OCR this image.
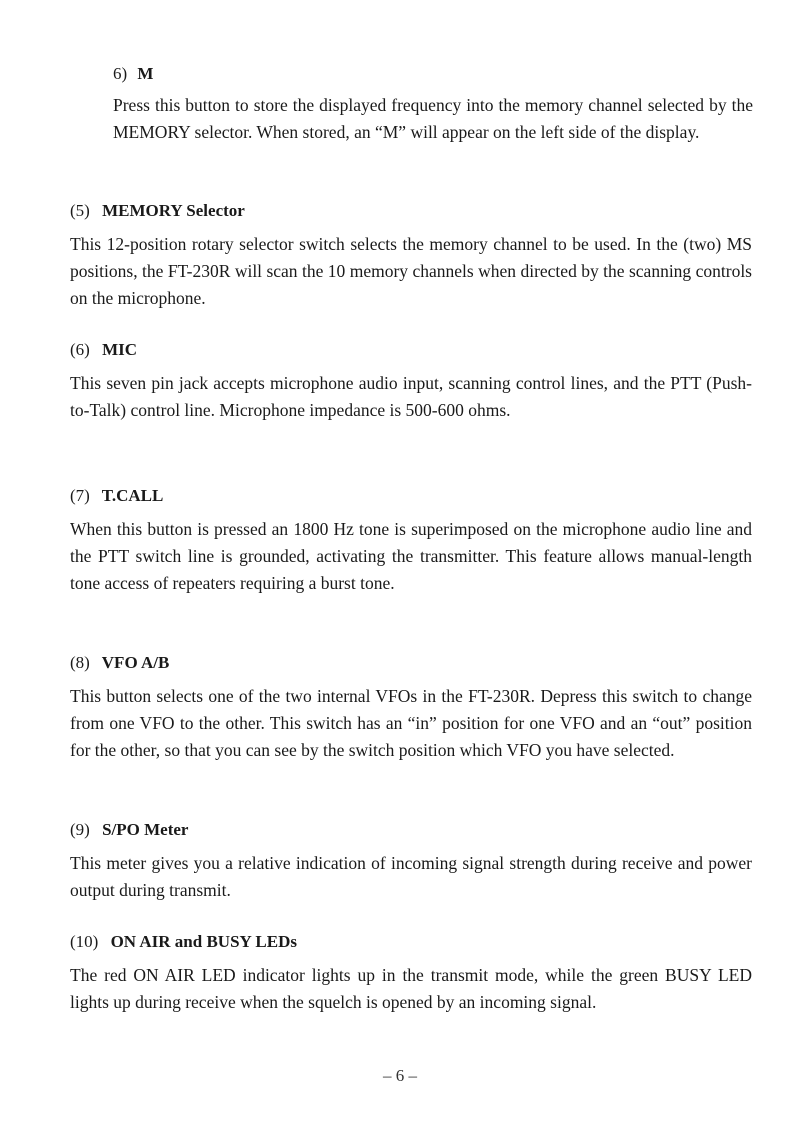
6) M

Press this button to store the displayed frequency into the memory channel selected by the MEMORY selector. When stored, an “M” will appear on the left side of the display.

(5) MEMORY Selector

This 12-position rotary selector switch selects the memory channel to be used. In the (two) MS positions, the FT-230R will scan the 10 memory channels when directed by the scanning controls on the microphone.

(6) MIC

This seven pin jack accepts microphone audio input, scanning control lines, and the PTT (Push-to-Talk) control line. Microphone impedance is 500-600 ohms.

(7) T.CALL

When this button is pressed an 1800 Hz tone is superimposed on the microphone audio line and the PTT switch line is grounded, activating the transmitter. This feature allows manual-length tone access of repeaters requiring a burst tone.

(8) VFO A/B

This button selects one of the two internal VFOs in the FT-230R. Depress this switch to change from one VFO to the other. This switch has an “in” position for one VFO and an “out” position for the other, so that you can see by the switch position which VFO you have selected.

(9) S/PO Meter

This meter gives you a relative indication of incoming signal strength during receive and power output during transmit.

(10) ON AIR and BUSY LEDs

The red ON AIR LED indicator lights up in the transmit mode, while the green BUSY LED lights up during receive when the squelch is opened by an incoming signal.

– 6 –
